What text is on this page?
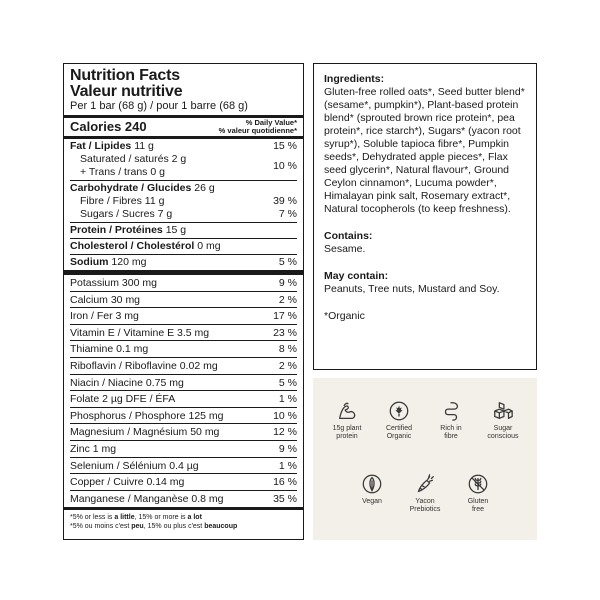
Nutrition Facts
Valeur nutritive
Per 1 bar (68 g) / pour 1 barre (68 g)
Calories 240	% Daily Value*
% valeur quotidienne*
Fat / Lipides 11 g	15 %
Saturated / saturés 2 g
+ Trans / trans 0 g
10 %
Carbohydrate / Glucides 26 g
Fibre / Fibres 11 g	39 %
Sugars / Sucres 7 g	7 %
Protein / Protéines 15 g
Cholesterol / Cholestérol 0 mg
Sodium 120 mg	5 %
Potassium 300 mg	9 %
Calcium 30 mg	2 %
Iron / Fer 3 mg	17 %
Vitamin E / Vitamine E 3.5 mg	23 %
Thiamine 0.1 mg	8 %
Riboflavin / Riboflavine 0.02 mg	2 %
Niacin / Niacine 0.75 mg	5 %
Folate 2 µg DFE / ÉFA	1 %
Phosphorus / Phosphore 125 mg	10 %
Magnesium / Magnésium 50 mg	12 %
Zinc 1 mg	9 %
Selenium / Sélénium 0.4 µg	1 %
Copper / Cuivre 0.14 mg	16 %
Manganese / Manganèse 0.8 mg	35 %
*5% or less is a little, 15% or more is a lot
*5% ou moins c'est peu, 15% ou plus c'est beaucoup
Ingredients:

Gluten-free rolled oats*, Seed butter blend* (sesame*, pumpkin*), Plant-based protein blend* (sprouted brown rice protein*, pea protein*, rice starch*), Sugars* (yacon root syrup*), Soluble tapioca fibre*, Pumpkin seeds*, Dehydrated apple pieces*, Flax seed glycerin*, Natural flavour*, Ground Ceylon cinnamon*, Lucuma powder*, Himalayan pink salt, Rosemary extract*, Natural tocopherols (to keep freshness).

Contains:

Sesame.

May contain:

Peanuts, Tree nuts, Mustard and Soy.

*Organic

15g plant
protein
Certified
Organic
Rich in
fibre
Sugar
conscious
Vegan	Yacon
Prebiotics
Gluten
free
